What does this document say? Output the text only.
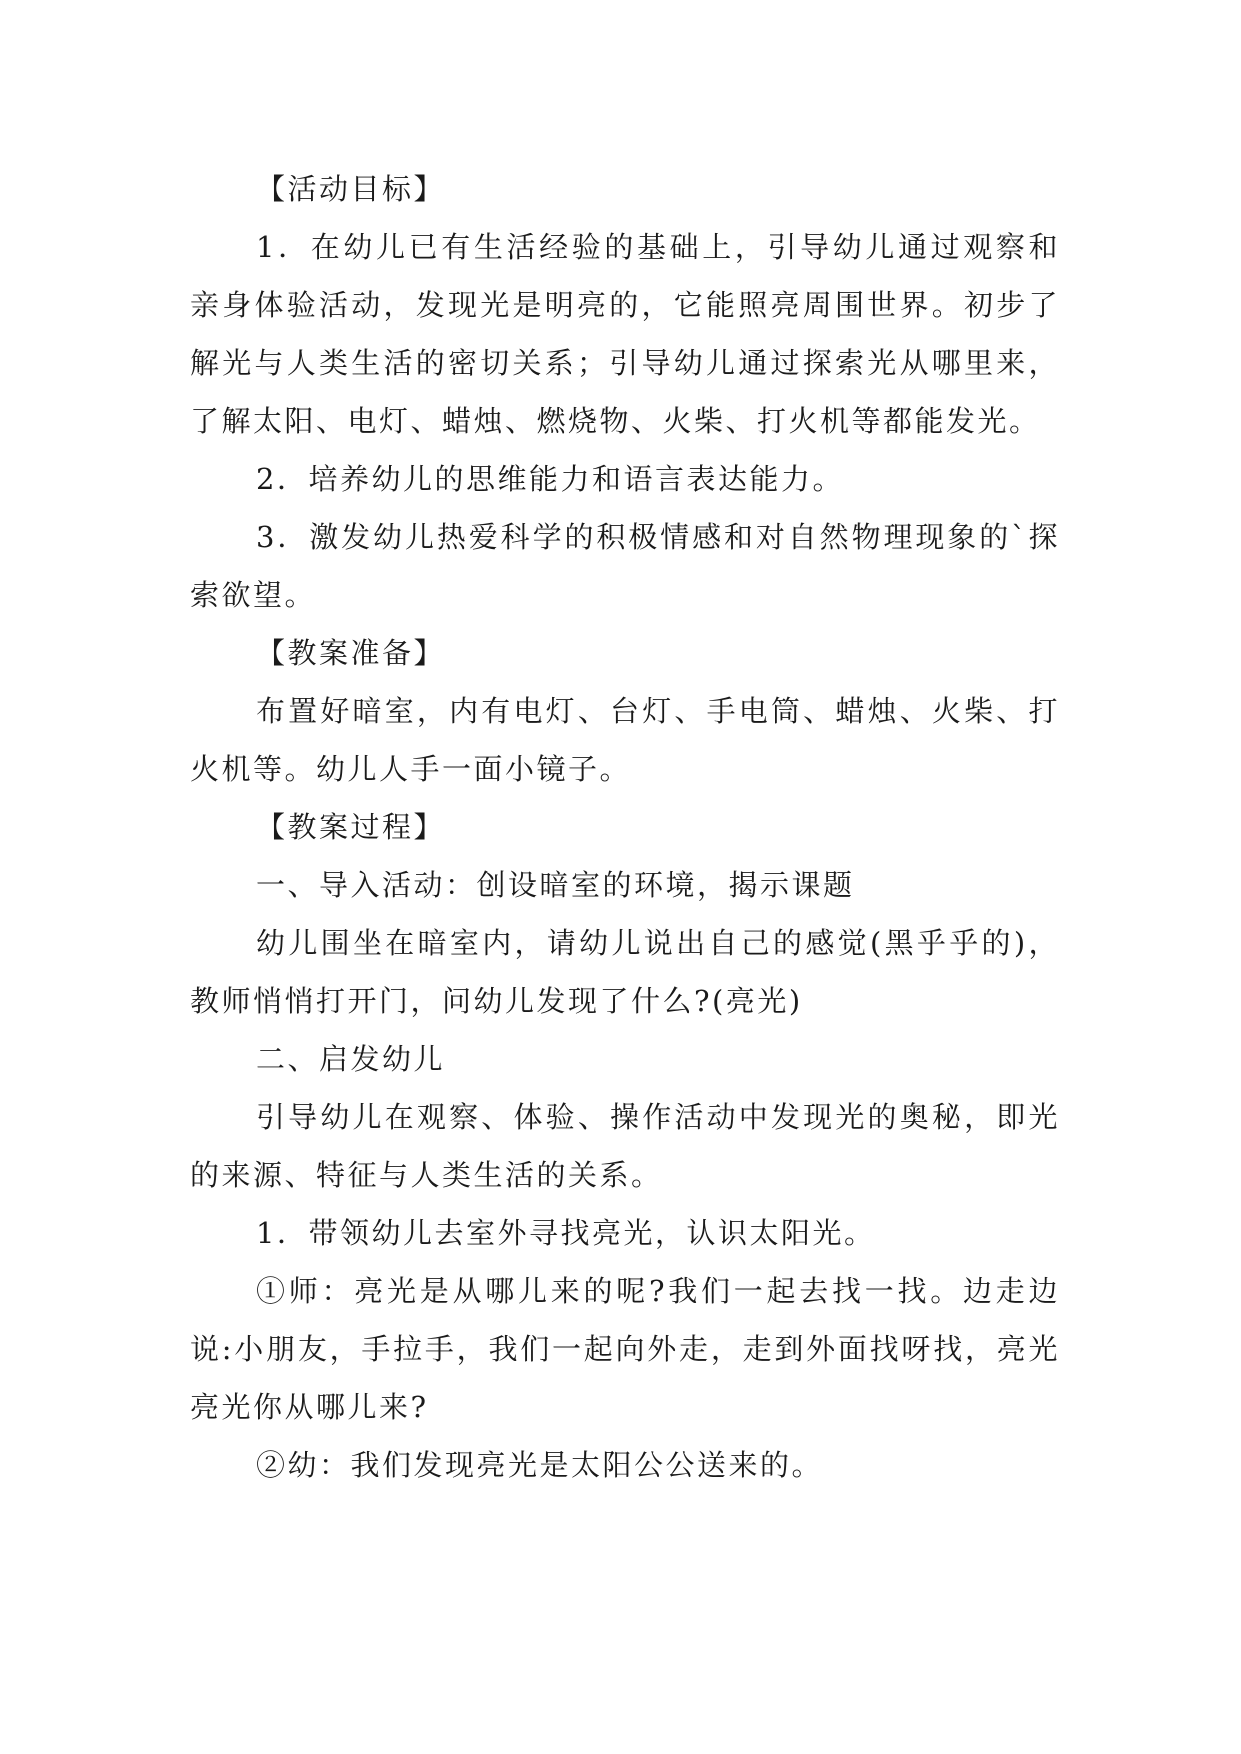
【活动目标】

1．在幼儿已有生活经验的基础上，引导幼儿通过观察和亲身体验活动，发现光是明亮的，它能照亮周围世界。初步了解光与人类生活的密切关系；引导幼儿通过探索光从哪里来，了解太阳、电灯、蜡烛、燃烧物、火柴、打火机等都能发光。

2．培养幼儿的思维能力和语言表达能力。

3．激发幼儿热爱科学的积极情感和对自然物理现象的`探索欲望。

【教案准备】

布置好暗室，内有电灯、台灯、手电筒、蜡烛、火柴、打火机等。幼儿人手一面小镜子。

【教案过程】

一、导入活动：创设暗室的环境，揭示课题

幼儿围坐在暗室内，请幼儿说出自己的感觉(黑乎乎的)，教师悄悄打开门，问幼儿发现了什么?(亮光)

二、启发幼儿

引导幼儿在观察、体验、操作活动中发现光的奥秘，即光的来源、特征与人类生活的关系。

1．带领幼儿去室外寻找亮光，认识太阳光。

①师：亮光是从哪儿来的呢?我们一起去找一找。边走边说:小朋友，手拉手，我们一起向外走，走到外面找呀找，亮光亮光你从哪儿来?

②幼：我们发现亮光是太阳公公送来的。
